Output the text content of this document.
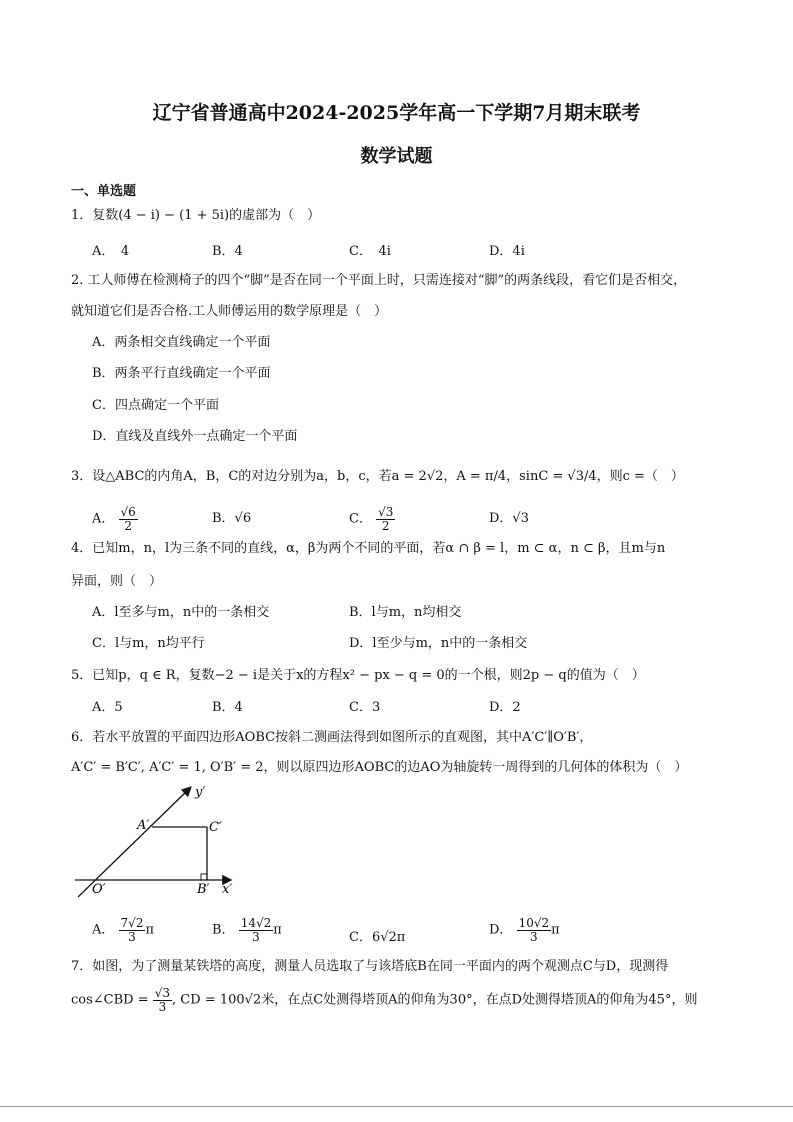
辽宁省普通高中2024-2025学年高一下学期7月期末联考
数学试题
一、单选题
1．复数(4 − i) − (1 + 5i)的虚部为（　）
A．　4	B．4	C．　4i	D．4i
2. 工人师傅在检测椅子的四个“脚”是否在同一个平面上时，只需连接对“脚”的两条线段，看它们是否相交，
就知道它们是否合格.工人师傅运用的数学原理是（　）
A．两条相交直线确定一个平面
B．两条平行直线确定一个平面
C．四点确定一个平面
D．直线及直线外一点确定一个平面
3．设△ABC的内角A，B，C的对边分别为a，b，c，若a = 2√2，A = π/4，sinC = √3/4，则c =（　）
A． $\frac{√6}{2}$	B．√6	C． $\frac{√3}{2}$	D．√3
4．已知m，n，l为三条不同的直线，α，β为两个不同的平面，若α ∩ β = l，m ⊂ α，n ⊂ β，且m与n
异面，则（　）
A．l至多与m，n中的一条相交	B．l与m，n均相交
C．l与m，n均平行	D．l至少与m，n中的一条相交
5．已知p，q ∈ R，复数−2 − i是关于x的方程x² − px − q = 0的一个根，则2p − q的值为（　）
A．5	B．4	C．3	D．2
6．若水平放置的平面四边形AOBC按斜二测画法得到如图所示的直观图，其中A′C′∥O′B′，
A′C′ = B′C′, A′C′ = 1, O′B′ = 2，则以原四边形AOBC的边AO为轴旋转一周得到的几何体的体积为（　）
y′
x′
A′	C′
O′	B′
A． $\frac{7√2}{3}$ π	B． $\frac{14√2}{3}$ π	C．6√2π	D． $\frac{10√2}{3}$ π
7．如图，为了测量某铁塔的高度，测量人员选取了与该塔底B在同一平面内的两个观测点C与D，现测得
cos∠CBD = $\frac{√3}{3}$ , CD = 100√2米，在点C处测得塔顶A的仰角为30°，在点D处测得塔顶A的仰角为45°，则
